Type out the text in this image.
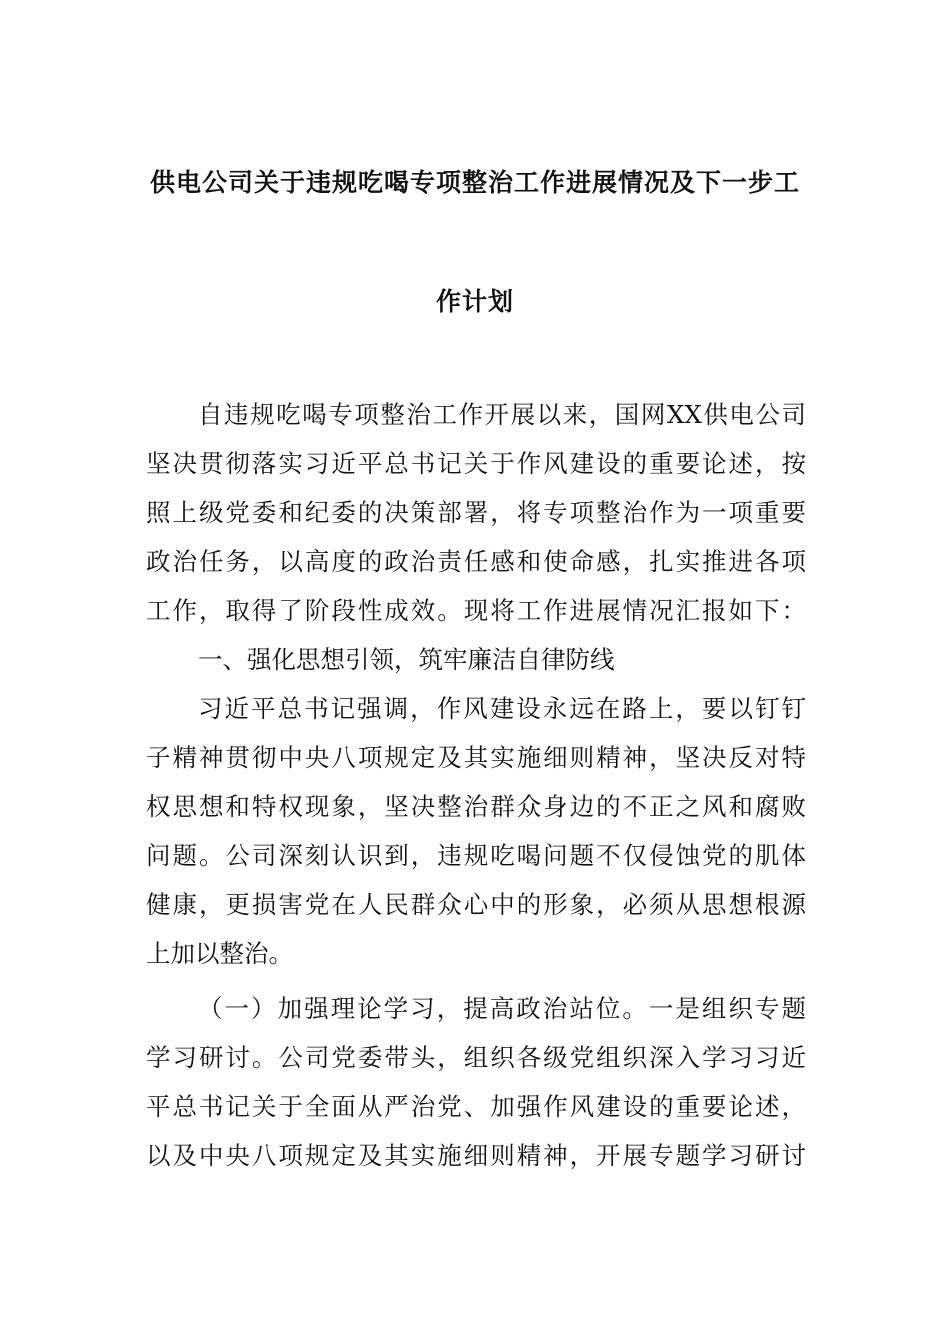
供电公司关于违规吃喝专项整治工作进展情况及下一步工
作计划
自违规吃喝专项整治工作开展以来，国网XX供电公司
坚决贯彻落实习近平总书记关于作风建设的重要论述，按
照上级党委和纪委的决策部署，将专项整治作为一项重要
政治任务，以高度的政治责任感和使命感，扎实推进各项
工作，取得了阶段性成效。现将工作进展情况汇报如下：
一、强化思想引领，筑牢廉洁自律防线
习近平总书记强调，作风建设永远在路上，要以钉钉
子精神贯彻中央八项规定及其实施细则精神，坚决反对特
权思想和特权现象，坚决整治群众身边的不正之风和腐败
问题。公司深刻认识到，违规吃喝问题不仅侵蚀党的肌体
健康，更损害党在人民群众心中的形象，必须从思想根源
上加以整治。
（一）加强理论学习，提高政治站位。一是组织专题
学习研讨。公司党委带头，组织各级党组织深入学习习近
平总书记关于全面从严治党、加强作风建设的重要论述，
以及中央八项规定及其实施细则精神，开展专题学习研讨
